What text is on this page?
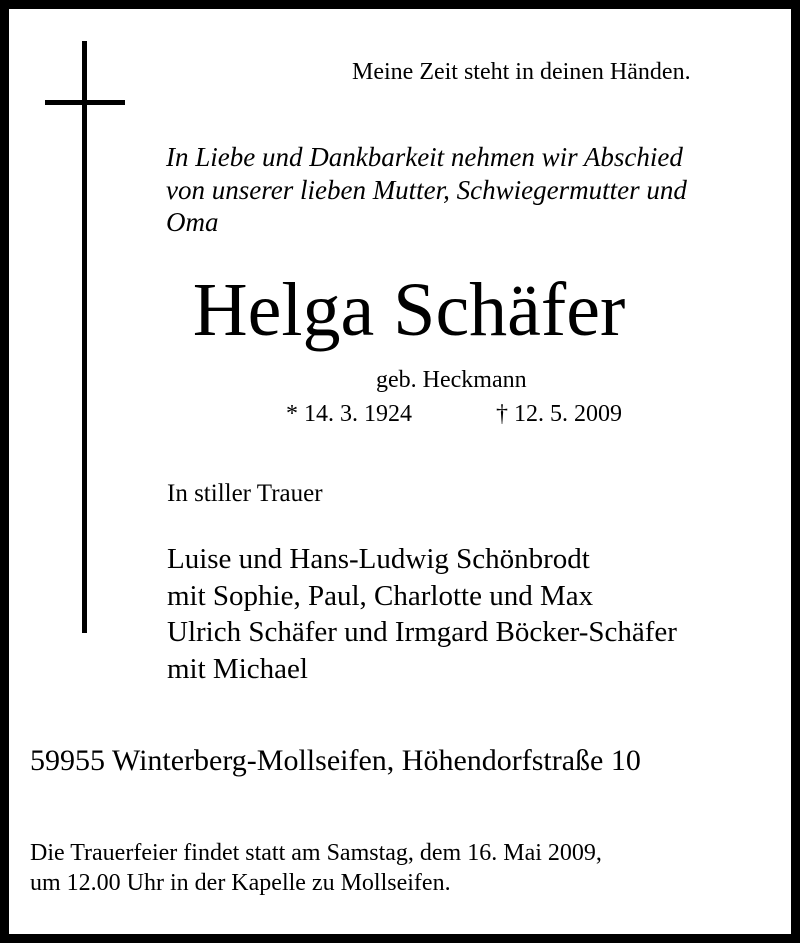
Meine Zeit steht in deinen Händen.
In Liebe und Dankbarkeit nehmen wir Abschied
von unserer lieben Mutter, Schwiegermutter und
Oma
Helga Schäfer
geb. Heckmann
* 14. 3. 1924	† 12. 5. 2009
In stiller Trauer
Luise und Hans-Ludwig Schönbrodt
mit Sophie, Paul, Charlotte und Max
Ulrich Schäfer und Irmgard Böcker-Schäfer
mit Michael
59955 Winterberg-Mollseifen, Höhendorfstraße 10
Die Trauerfeier findet statt am Samstag, dem 16. Mai 2009,
um 12.00 Uhr in der Kapelle zu Mollseifen.
